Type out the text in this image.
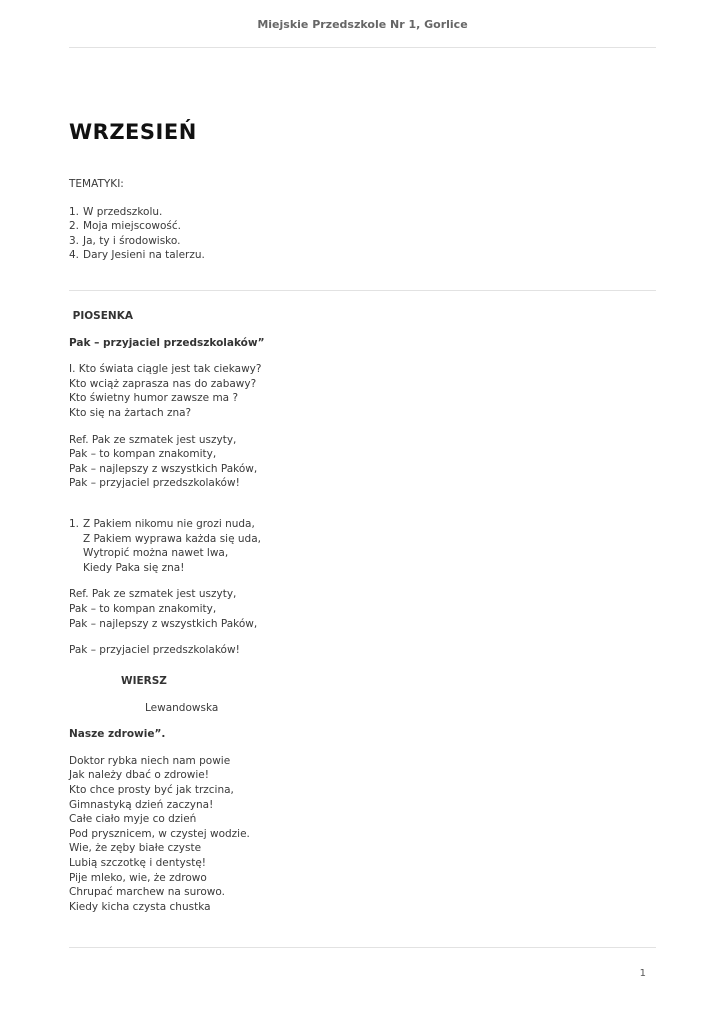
Miejskie Przedszkole Nr 1, Gorlice
WRZESIEŃ

TEMATYKI:

1. W przedszkolu.
2. Moja miejscowość.
3. Ja, ty i środowisko.
4. Dary Jesieni na talerzu.

PIOSENKA

Pak – przyjaciel przedszkolaków”

I. Kto świata ciągle jest tak ciekawy?

Kto wciąż zaprasza nas do zabawy?

Kto świetny humor zawsze ma ?

Kto się na żartach zna?

Ref. Pak ze szmatek jest uszyty,

Pak – to kompan znakomity,

Pak – najlepszy z wszystkich Paków,

Pak – przyjaciel przedszkolaków!

1. Z Pakiem nikomu nie grozi nuda,

Z Pakiem wyprawa każda się uda,

Wytropić można nawet lwa,

Kiedy Paka się zna!

Ref. Pak ze szmatek jest uszyty,

Pak – to kompan znakomity,

Pak – najlepszy z wszystkich Paków,

Pak – przyjaciel przedszkolaków!

WIERSZ

Lewandowska

Nasze zdrowie”.

Doktor rybka niech nam powie

Jak należy dbać o zdrowie!

Kto chce prosty być jak trzcina,

Gimnastyką dzień zaczyna!

Całe ciało myje co dzień

Pod prysznicem, w czystej wodzie.

Wie, że zęby białe czyste

Lubią szczotkę i dentystę!

Pije mleko, wie, że zdrowo

Chrupać marchew na surowo.

Kiedy kicha czysta chustka

1
